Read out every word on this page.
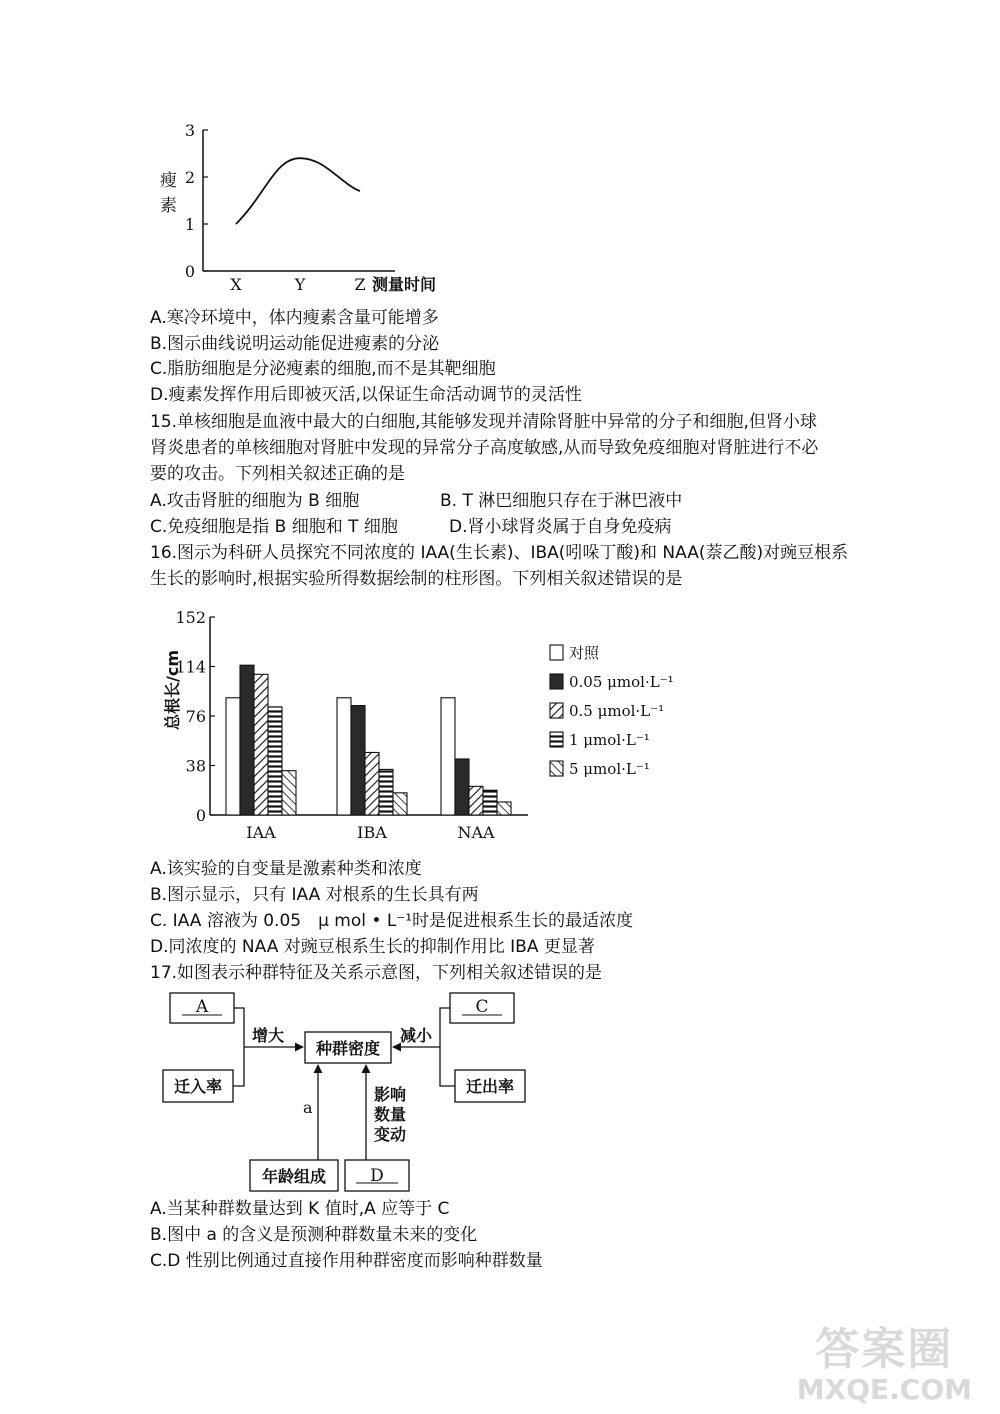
瘦
素
0
1
2
3
X	Y	Z 测量时间
A.寒冷环境中，体内瘦素含量可能增多
B.图示曲线说明运动能促进瘦素的分泌
C.脂肪细胞是分泌瘦素的细胞,而不是其靶细胞
D.瘦素发挥作用后即被灭活,以保证生命活动调节的灵活性
15.单核细胞是血液中最大的白细胞,其能够发现并清除肾脏中异常的分子和细胞,但肾小球
肾炎患者的单核细胞对肾脏中发现的异常分子高度敏感,从而导致免疫细胞对肾脏进行不必
要的攻击。下列相关叙述正确的是
A.攻击肾脏的细胞为 B 细胞	B. T 淋巴细胞只存在于淋巴液中
C.免疫细胞是指 B 细胞和 T 细胞	D.肾小球肾炎属于自身免疫病
16.图示为科研人员探究不同浓度的 IAA(生长素)、IBA(吲哚丁酸)和 NAA(萘乙酸)对豌豆根系
生长的影响时,根据实验所得数据绘制的柱形图。下列相关叙述错误的是
总根长/cm
0
38
76
114
152
IAA	IBA	NAA
对照
0.05 μmol·L⁻¹
0.5 μmol·L⁻¹
1 μmol·L⁻¹
5 μmol·L⁻¹
A.该实验的自变量是激素种类和浓度
B.图示显示，只有 IAA 对根系的生长具有两
C. IAA 溶液为 0.05　μ mol • L⁻¹时是促进根系生长的最适浓度
D.同浓度的 NAA 对豌豆根系生长的抑制作用比 IBA 更显著
17.如图表示种群特征及关系示意图，下列相关叙述错误的是
A	C
迁入率	迁出率
种群密度
年龄组成	D
增大	减小
a
影响
数量
变动
A.当某种群数量达到 K 值时,A 应等于 C
B.图中 a 的含义是预测种群数量未来的变化
C.D 性别比例通过直接作用种群密度而影响种群数量
答案圈
MXQE.COM
